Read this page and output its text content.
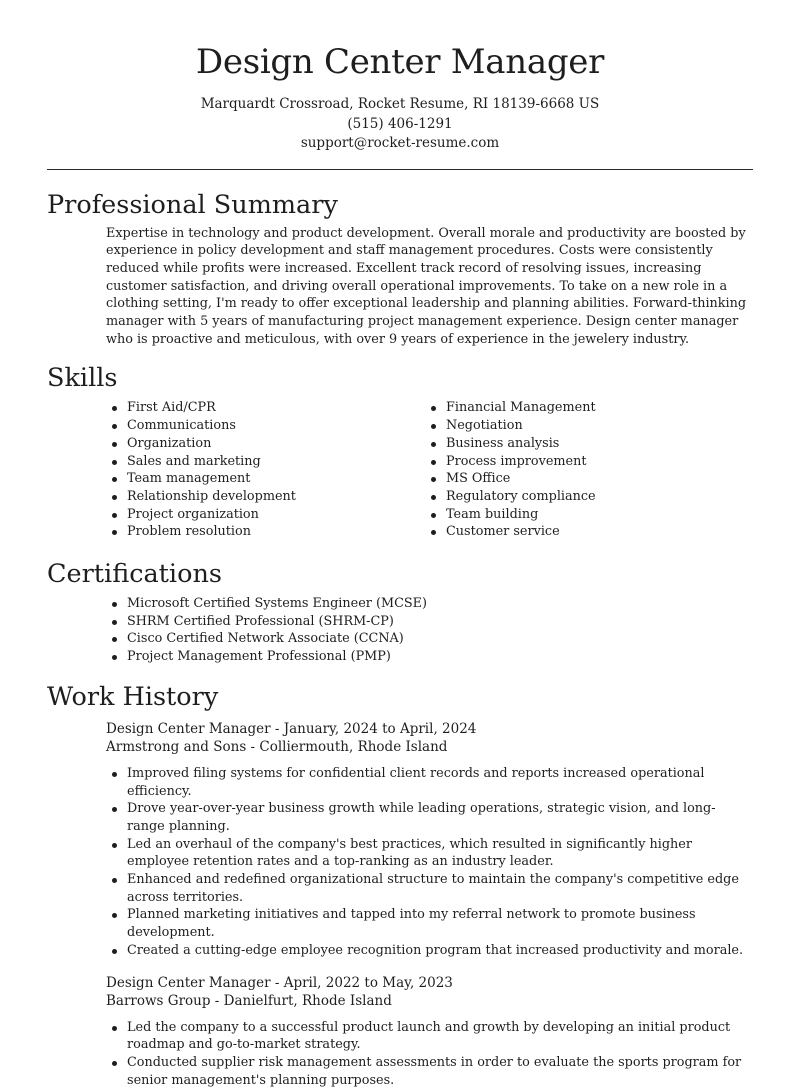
Design Center Manager
Marquardt Crossroad, Rocket Resume, RI 18139-6668 US
(515) 406-1291
support@rocket-resume.com
Professional Summary

Expertise in technology and product development. Overall morale and productivity are boosted by experience in policy development and staff management procedures. Costs were consistently reduced while profits were increased. Excellent track record of resolving issues, increasing customer satisfaction, and driving overall operational improvements. To take on a new role in a clothing setting, I'm ready to offer exceptional leadership and planning abilities. Forward-thinking manager with 5 years of manufacturing project management experience. Design center manager who is proactive and meticulous, with over 9 years of experience in the jewelery industry.

Skills
First Aid/CPR
Communications
Organization
Sales and marketing
Team management
Relationship development
Project organization
Problem resolution
Financial Management
Negotiation
Business analysis
Process improvement
MS Office
Regulatory compliance
Team building
Customer service
Certifications
Microsoft Certified Systems Engineer (MCSE)
SHRM Certified Professional (SHRM-CP)
Cisco Certified Network Associate (CCNA)
Project Management Professional (PMP)
Work History
Design Center Manager - January, 2024 to April, 2024
Armstrong and Sons - Colliermouth, Rhode Island
Improved filing systems for confidential client records and reports increased operational efficiency.
Drove year-over-year business growth while leading operations, strategic vision, and long-range planning.
Led an overhaul of the company's best practices, which resulted in significantly higher employee retention rates and a top-ranking as an industry leader.
Enhanced and redefined organizational structure to maintain the company's competitive edge across territories.
Planned marketing initiatives and tapped into my referral network to promote business development.
Created a cutting-edge employee recognition program that increased productivity and morale.
Design Center Manager - April, 2022 to May, 2023
Barrows Group - Danielfurt, Rhode Island
Led the company to a successful product launch and growth by developing an initial product roadmap and go-to-market strategy.
Conducted supplier risk management assessments in order to evaluate the sports program for senior management's planning purposes.
